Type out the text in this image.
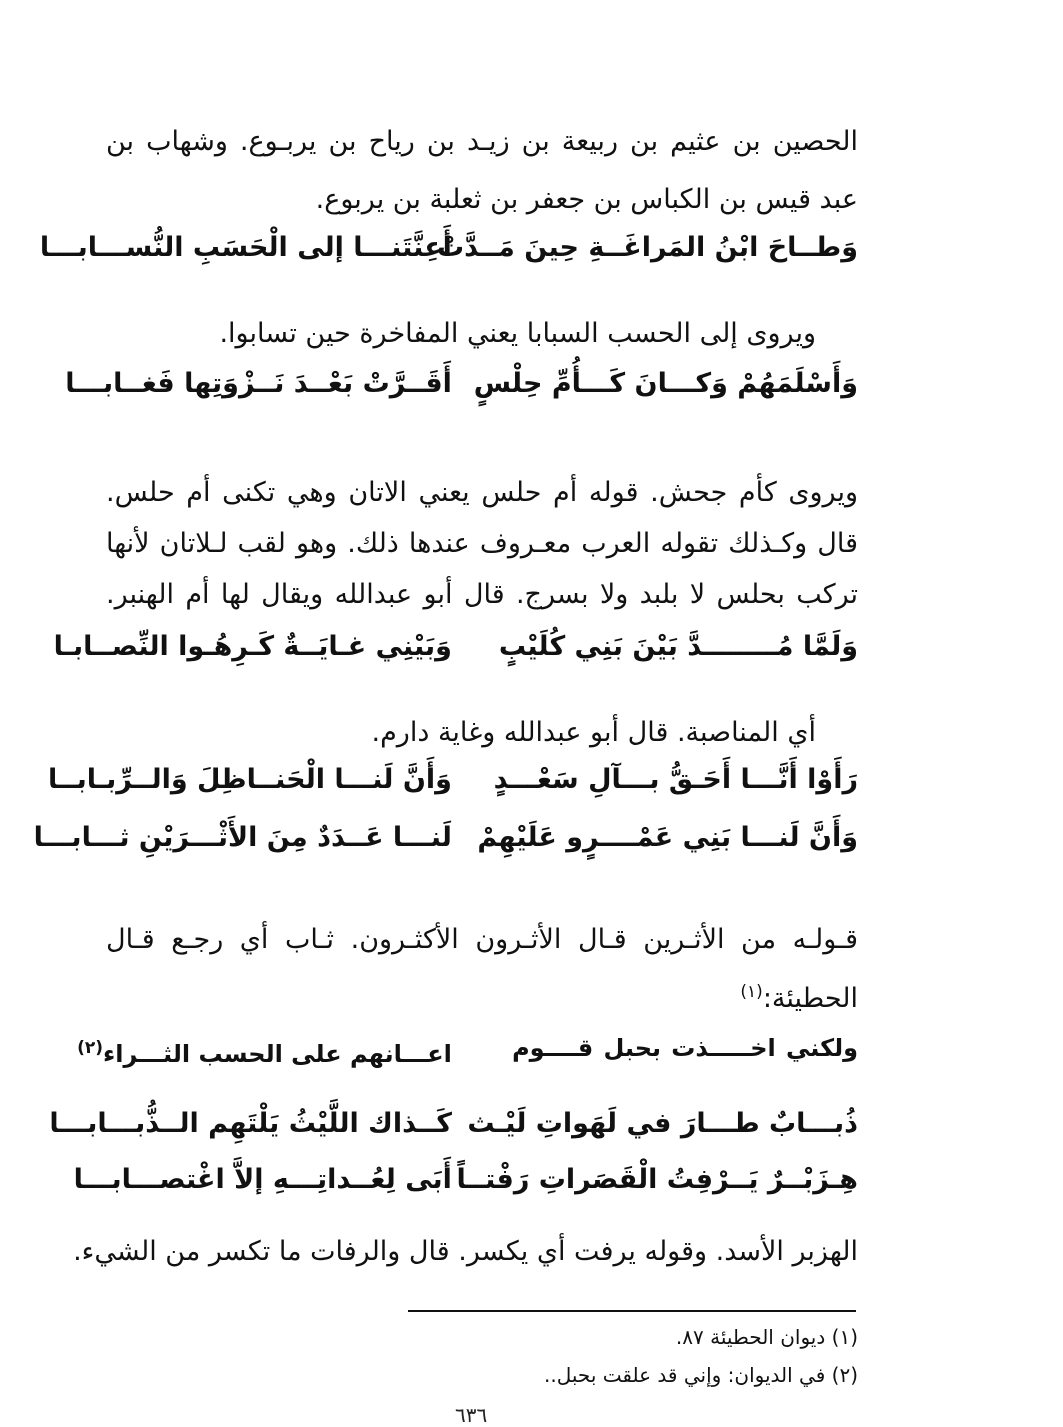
الحصين بن عثيم بن ربيعة بن زيـد بن رياح بن يربـوع. وشهاب بن
عبد قيس بن الكباس بن جعفر بن ثعلبة بن يربوع.
وَطــاحَ ابْنُ المَراغَــةِ حِينَ مَــدَّتْ
أَعِنَّتَنـــا إلى الْحَسَبِ النُّســـابـــا
ويروى إلى الحسب السبابا يعني المفاخرة حين تسابوا.
وَأَسْلَمَهُمْ وَكـــانَ كَـــأُمِّ حِلْسٍ
أَقَــرَّتْ بَعْــدَ نَــزْوَتِها فَغــابـــا
ويروى كأم جحش. قوله أم حلس يعني الاتان وهي تكنى أم حلس.
قال وكـذلك تقوله العرب معـروف عندها ذلك. وهو لقب لـلاتان لأنها
تركب بحلس لا بلبد ولا بسرج. قال أبو عبدالله ويقال لها أم الهنبر.
وَلَمَّا مُــــــــدَّ بَيْنَ بَنِي كُلَيْبٍ
وَبَيْنِي غـايَــةٌ كَـرِهُـوا النِّصــابـا
أي المناصبة. قال أبو عبدالله وغاية دارم.
رَأَوْا أَنَّـــا أَحَـقُّ بـــآلِ سَعْـــدٍ
وَأَنَّ لَنـــا الْحَنــاظِلَ وَالــرِّبـابــا
وَأَنَّ لَنـــا بَنِي عَمْــــرٍو عَلَيْهِمْ
لَنـــا عَــدَدٌ مِنَ الأَثْـــرَيْنِ ثـــابـــا
قـولـه من الأثـرين قـال الأثـرون الأكثـرون. ثـاب أي رجـع قـال
الحطيئة:$^{(١)}$
ولكني اخـــــذت بحبل قــــوم
اعـــانهم على الحسب الثـــراء$^{(٢)}$
ذُبـــابٌ طـــارَ في لَهَواتِ لَيْـث
كَــذاك اللَّيْثُ يَلْتَهِم الــذُّبـــابـــا
هِـزَبْــرٌ يَــرْفِتُ الْقَصَراتِ رَفْتــاً
أَبَى لِعُــداتِـــهِ إلاَّ اغْتصـــابـــا
الهزبر الأسد. وقوله يرفت أي يكسر. قال والرفات ما تكسر من الشيء.
(١) ديوان الحطيئة ٨٧.
(٢) في الديوان: وإني قد علقت بحبل..
٦٣٦
